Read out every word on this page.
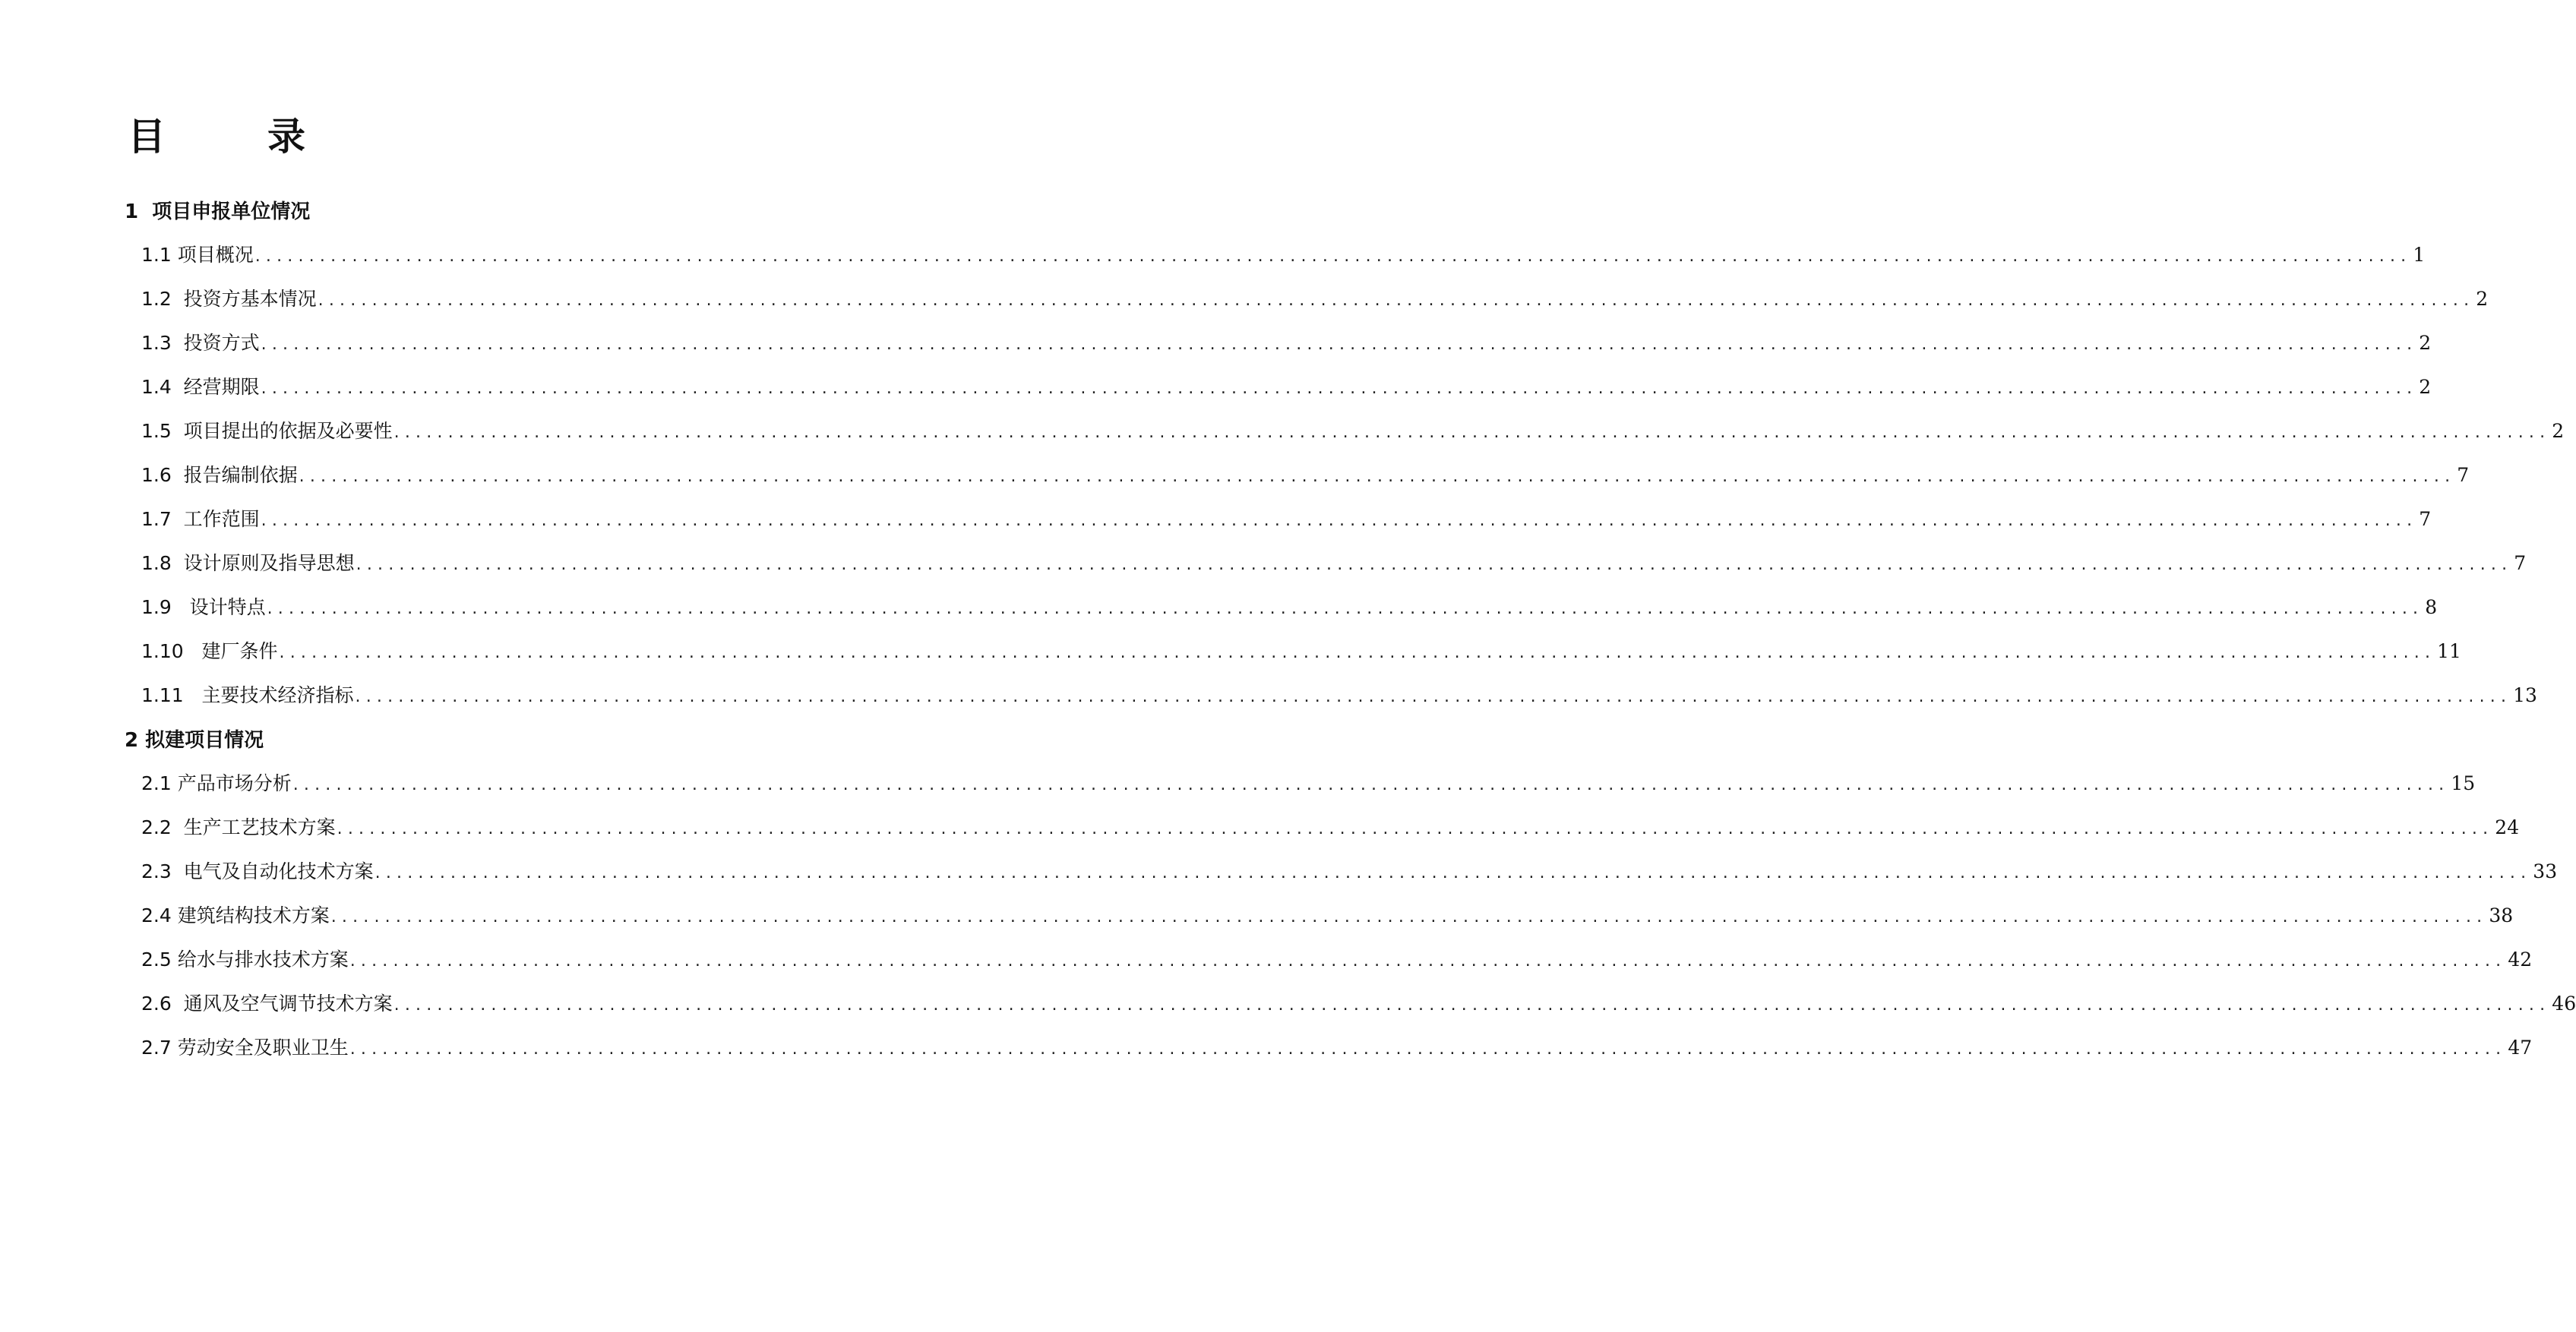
目　录
1  项目申报单位情况
1.1 项目概况 ........................................................................................................................................................................................................ 1
1.2  投资方基本情况 ........................................................................................................................................................................................................ 2
1.3  投资方式 ........................................................................................................................................................................................................ 2
1.4  经营期限 ........................................................................................................................................................................................................ 2
1.5  项目提出的依据及必要性 ........................................................................................................................................................................................................ 2
1.6  报告编制依据 ........................................................................................................................................................................................................ 7
1.7  工作范围 ........................................................................................................................................................................................................ 7
1.8  设计原则及指导思想 ........................................................................................................................................................................................................ 7
1.9   设计特点 ........................................................................................................................................................................................................ 8
1.10   建厂条件 ........................................................................................................................................................................................................ 11
1.11   主要技术经济指标 ........................................................................................................................................................................................................ 13
2 拟建项目情况
2.1 产品市场分析 ........................................................................................................................................................................................................ 15
2.2  生产工艺技术方案 ........................................................................................................................................................................................................ 24
2.3  电气及自动化技术方案 ........................................................................................................................................................................................................ 33
2.4 建筑结构技术方案 ........................................................................................................................................................................................................ 38
2.5 给水与排水技术方案 ........................................................................................................................................................................................................ 42
2.6  通风及空气调节技术方案 ........................................................................................................................................................................................................ 46
2.7 劳动安全及职业卫生 ........................................................................................................................................................................................................ 47
